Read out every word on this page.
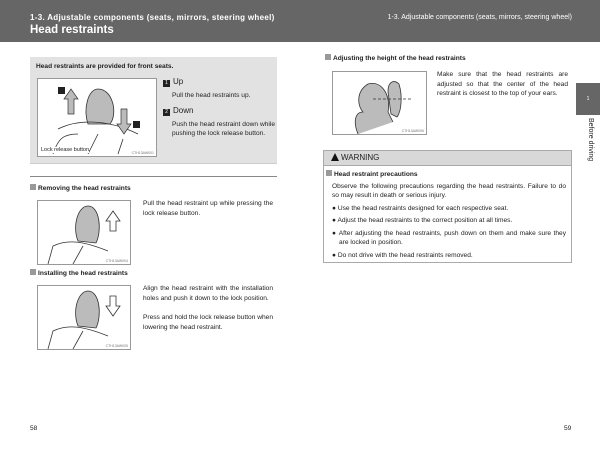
1-3. Adjustable components (seats, mirrors, steering wheel)
Head restraints
1-3. Adjustable components (seats, mirrors, steering wheel)
Head restraints are provided for front seats.
Lock release button	CTH13AW001
1 Up
Pull the head restraints up.
2 Down
Push the head restraint down while pushing the lock release button.
Removing the head restraints
CTH13AW004
Pull the head restraint up while pressing the lock release button.
Installing the head restraints
CTH13AW005
Align the head restraint with the installation holes and push it down to the lock position.
Press and hold the lock release button when lowering the head restraint.
58
Adjusting the height of the head restraints
CTH13AW006
Make sure that the head restraints are adjusted so that the center of the head restraint is closest to the top of your ears.
1
Before driving
WARNING
Head restraint precautions
Observe the following precautions regarding the head restraints. Failure to do so may result in death or serious injury.
● Use the head restraints designed for each respective seat.
● Adjust the head restraints to the correct position at all times.
● After adjusting the head restraints, push down on them and make sure they are locked in position.
● Do not drive with the head restraints removed.
59
